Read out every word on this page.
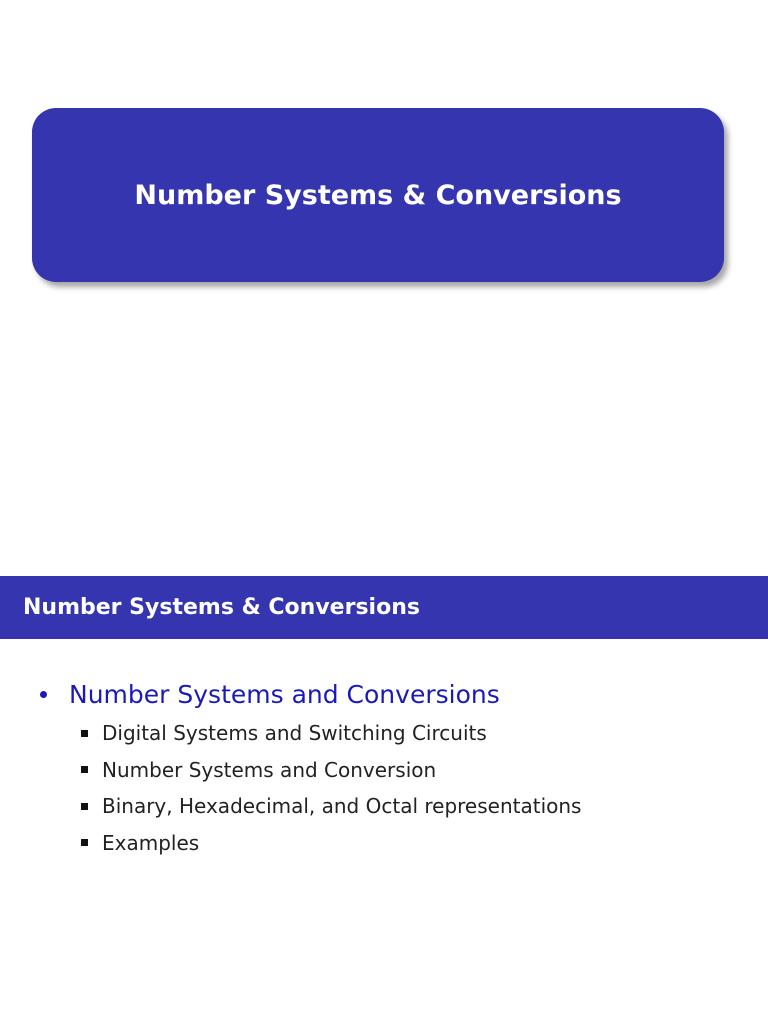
Number Systems & Conversions
Number Systems & Conversions
Number Systems and Conversions
Digital Systems and Switching Circuits
Number Systems and Conversion
Binary, Hexadecimal, and Octal representations
Examples
